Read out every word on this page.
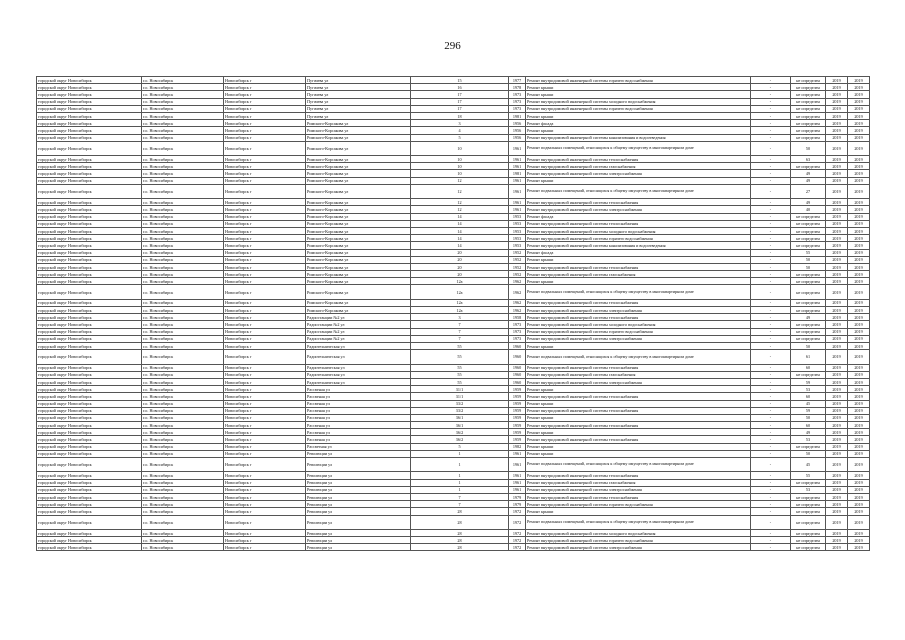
296
городской округ Новосибирск	г.о. Новосибирск	Новосибирск г	Пугачева ул	15	1977	Ремонт внутридомовой инженерной системы горячего водоснабжения	-	не определен	2019	2019
городской округ Новосибирск	г.о. Новосибирск	Новосибирск г	Пугачева ул	16	1978	Ремонт крыши	-	не определен	2019	2019
городской округ Новосибирск	г.о. Новосибирск	Новосибирск г	Пугачева ул	17	1973	Ремонт крыши	-	не определен	2019	2019
городской округ Новосибирск	г.о. Новосибирск	Новосибирск г	Пугачева ул	17	1973	Ремонт внутридомовой инженерной системы холодного водоснабжения	-	не определен	2019	2019
городской округ Новосибирск	г.о. Новосибирск	Новосибирск г	Пугачева ул	17	1973	Ремонт внутридомовой инженерной системы горячего водоснабжения	-	не определен	2019	2019
городской округ Новосибирск	г.о. Новосибирск	Новосибирск г	Пугачева ул	18	1981	Ремонт крыши	-	не определен	2019	2019
городской округ Новосибирск	г.о. Новосибирск	Новосибирск г	Римского-Корсакова ул	3	1956	Ремонт фасада	-	не определен	2019	2019
городской округ Новосибирск	г.о. Новосибирск	Новосибирск г	Римского-Корсакова ул	4	1956	Ремонт крыши	-	не определен	2019	2019
городской округ Новосибирск	г.о. Новосибирск	Новосибирск г	Римского-Корсакова ул	5	1956	Ремонт внутридомовой инженерной системы канализования и водоотведения	-	не определен	2019	2019
городской округ Новосибирск	г.о. Новосибирск	Новосибирск г	Римского-Корсакова ул	10	1961	Ремонт подвальных помещений, относящихся к общему имуществу в многоквартирном доме	-	50	2019	2019
городской округ Новосибирск	г.о. Новосибирск	Новосибирск г	Римского-Корсакова ул	10	1961	Ремонт внутридомовой инженерной системы теплоснабжения	-	63	2019	2019
городской округ Новосибирск	г.о. Новосибирск	Новосибирск г	Римского-Корсакова ул	10	1961	Ремонт внутридомовой инженерной системы газоснабжения	-	не определен	2019	2019
городской округ Новосибирск	г.о. Новосибирск	Новосибирск г	Римского-Корсакова ул	10	1981	Ремонт внутридомовой инженерной системы электроснабжения	-	49	2019	2019
городской округ Новосибирск	г.о. Новосибирск	Новосибирск г	Римского-Корсакова ул	12	1961	Ремонт крыши	-	49	2019	2019
городской округ Новосибирск	г.о. Новосибирск	Новосибирск г	Римского-Корсакова ул	12	1961	Ремонт подвальных помещений, относящихся к общему имуществу в многоквартирном доме	-	27	2019	2019
городской округ Новосибирск	г.о. Новосибирск	Новосибирск г	Римского-Корсакова ул	12	1961	Ремонт внутридомовой инженерной системы теплоснабжения	-	49	2019	2019
городской округ Новосибирск	г.о. Новосибирск	Новосибирск г	Римского-Корсакова ул	12	1961	Ремонт внутридомовой инженерной системы электроснабжения	-	40	2019	2019
городской округ Новосибирск	г.о. Новосибирск	Новосибирск г	Римского-Корсакова ул	14	1953	Ремонт фасада	-	не определен	2019	2019
городской округ Новосибирск	г.о. Новосибирск	Новосибирск г	Римского-Корсакова ул	14	1953	Ремонт внутридомовой инженерной системы теплоснабжения	-	не определен	2019	2019
городской округ Новосибирск	г.о. Новосибирск	Новосибирск г	Римского-Корсакова ул	14	1953	Ремонт внутридомовой инженерной системы холодного водоснабжения	-	не определен	2019	2019
городской округ Новосибирск	г.о. Новосибирск	Новосибирск г	Римского-Корсакова ул	14	1953	Ремонт внутридомовой инженерной системы горячего водоснабжения	-	не определен	2019	2019
городской округ Новосибирск	г.о. Новосибирск	Новосибирск г	Римского-Корсакова ул	14	1953	Ремонт внутридомовой инженерной системы канализования и водоотведения	-	не определен	2019	2019
городской округ Новосибирск	г.о. Новосибирск	Новосибирск г	Римского-Корсакова ул	20	1952	Ремонт фасада	-	55	2019	2019
городской округ Новосибирск	г.о. Новосибирск	Новосибирск г	Римского-Корсакова ул	20	1952	Ремонт крыши	-	50	2019	2019
городской округ Новосибирск	г.о. Новосибирск	Новосибирск г	Римского-Корсакова ул	20	1952	Ремонт внутридомовой инженерной системы теплоснабжения	-	50	2019	2019
городской округ Новосибирск	г.о. Новосибирск	Новосибирск г	Римского-Корсакова ул	20	1952	Ремонт внутридомовой инженерной системы газоснабжения	-	не определен	2019	2019
городской округ Новосибирск	г.о. Новосибирск	Новосибирск г	Римского-Корсакова ул	12а	1962	Ремонт крыши	-	не определен	2019	2019
городской округ Новосибирск	г.о. Новосибирск	Новосибирск г	Римского-Корсакова ул	12а	1962	Ремонт подвальных помещений, относящихся к общему имуществу в многоквартирном доме	-	не определен	2019	2019
городской округ Новосибирск	г.о. Новосибирск	Новосибирск г	Римского-Корсакова ул	12а	1962	Ремонт внутридомовой инженерной системы теплоснабжения	-	не определен	2019	2019
городской округ Новосибирск	г.о. Новосибирск	Новосибирск г	Римского-Корсакова ул	12а	1962	Ремонт внутридомовой инженерной системы электроснабжения	-	не определен	2019	2019
городской округ Новосибирск	г.о. Новосибирск	Новосибирск г	Радиостанции №2 ул	3	1958	Ремонт внутридомовой инженерной системы теплоснабжения	-	49	2019	2019
городской округ Новосибирск	г.о. Новосибирск	Новосибирск г	Радиостанции №2 ул	7	1973	Ремонт внутридомовой инженерной системы холодного водоснабжения	-	не определен	2019	2019
городской округ Новосибирск	г.о. Новосибирск	Новосибирск г	Радиостанции №2 ул	7	1973	Ремонт внутридомовой инженерной системы горячего водоснабжения	-	не определен	2019	2019
городской округ Новосибирск	г.о. Новосибирск	Новосибирск г	Радиостанции №2 ул	7	1973	Ремонт внутридомовой инженерной системы электроснабжения	-	не определен	2019	2019
городской округ Новосибирск	г.о. Новосибирск	Новосибирск г	Радиотехническая ул	55	1960	Ремонт крыши	-	50	2019	2019
городской округ Новосибирск	г.о. Новосибирск	Новосибирск г	Радиотехническая ул	55	1960	Ремонт подвальных помещений, относящихся к общему имуществу в многоквартирном доме	-	61	2019	2019
городской округ Новосибирск	г.о. Новосибирск	Новосибирск г	Радиотехническая ул	55	1960	Ремонт внутридомовой инженерной системы теплоснабжения	-	60	2019	2019
городской округ Новосибирск	г.о. Новосибирск	Новосибирск г	Радиотехническая ул	55	1960	Ремонт внутридомовой инженерной системы газоснабжения	-	не определен	2019	2019
городской округ Новосибирск	г.о. Новосибирск	Новосибирск г	Радиотехническая ул	55	1960	Ремонт внутридомовой инженерной системы электроснабжения	-	59	2019	2019
городской округ Новосибирск	г.о. Новосибирск	Новосибирск г	Рассвеная ул	31/1	1959	Ремонт крыши	-	53	2019	2019
городской округ Новосибирск	г.о. Новосибирск	Новосибирск г	Рассвеная ул	31/1	1959	Ремонт внутридомовой инженерной системы теплоснабжения	-	60	2019	2019
городской округ Новосибирск	г.о. Новосибирск	Новосибирск г	Рассвеная ул	33/2	1959	Ремонт крыши	-	45	2019	2019
городской округ Новосибирск	г.о. Новосибирск	Новосибирск г	Рассвеная ул	33/2	1959	Ремонт внутридомовой инженерной системы теплоснабжения	-	59	2019	2019
городской округ Новосибирск	г.о. Новосибирск	Новосибирск г	Рассвеная ул	36/1	1959	Ремонт крыши	-	50	2019	2019
городской округ Новосибирск	г.о. Новосибирск	Новосибирск г	Рассвеная ул	36/1	1959	Ремонт внутридомовой инженерной системы теплоснабжения	-	60	2019	2019
городской округ Новосибирск	г.о. Новосибирск	Новосибирск г	Рассвеная ул	36/2	1959	Ремонт крыши	-	49	2019	2019
городской округ Новосибирск	г.о. Новосибирск	Новосибирск г	Рассвеная ул	36/2	1959	Ремонт внутридомовой инженерной системы теплоснабжения	-	53	2019	2019
городской округ Новосибирск	г.о. Новосибирск	Новосибирск г	Рассветная ул	5	1982	Ремонт крыши	-	не определен	2019	2019
городской округ Новосибирск	г.о. Новосибирск	Новосибирск г	Революции ул	1	1961	Ремонт крыши	-	50	2019	2019
городской округ Новосибирск	г.о. Новосибирск	Новосибирск г	Революции ул	1	1961	Ремонт подвальных помещений, относящихся к общему имуществу в многоквартирном доме	-	45	2019	2019
городской округ Новосибирск	г.о. Новосибирск	Новосибирск г	Революции ул	1	1961	Ремонт внутридомовой инженерной системы теплоснабжения	-	55	2019	2019
городской округ Новосибирск	г.о. Новосибирск	Новосибирск г	Революции ул	1	1961	Ремонт внутридомовой инженерной системы газоснабжения	-	не определен	2019	2019
городской округ Новосибирск	г.о. Новосибирск	Новосибирск г	Революции ул	1	1961	Ремонт внутридомовой инженерной системы электроснабжения	-	53	2019	2019
городской округ Новосибирск	г.о. Новосибирск	Новосибирск г	Революции ул	7	1979	Ремонт внутридомовой инженерной системы теплоснабжения	-	не определен	2019	2019
городской округ Новосибирск	г.о. Новосибирск	Новосибирск г	Революции ул	7	1979	Ремонт внутридомовой инженерной системы горячего водоснабжения	-	не определен	2019	2019
городской округ Новосибирск	г.о. Новосибирск	Новосибирск г	Революции ул	28	1972	Ремонт крыши	-	не определен	2019	2019
городской округ Новосибирск	г.о. Новосибирск	Новосибирск г	Революции ул	28	1972	Ремонт подвальных помещений, относящихся к общему имуществу в многоквартирном доме	-	не определен	2019	2019
городской округ Новосибирск	г.о. Новосибирск	Новосибирск г	Революции ул	28	1972	Ремонт внутридомовой инженерной системы холодного водоснабжения	-	не определен	2019	2019
городской округ Новосибирск	г.о. Новосибирск	Новосибирск г	Революции ул	28	1972	Ремонт внутридомовой инженерной системы горячего водоснабжения	-	не определен	2019	2019
городской округ Новосибирск	г.о. Новосибирск	Новосибирск г	Революции ул	28	1972	Ремонт внутридомовой инженерной системы электроснабжения	-	не определен	2019	2019
